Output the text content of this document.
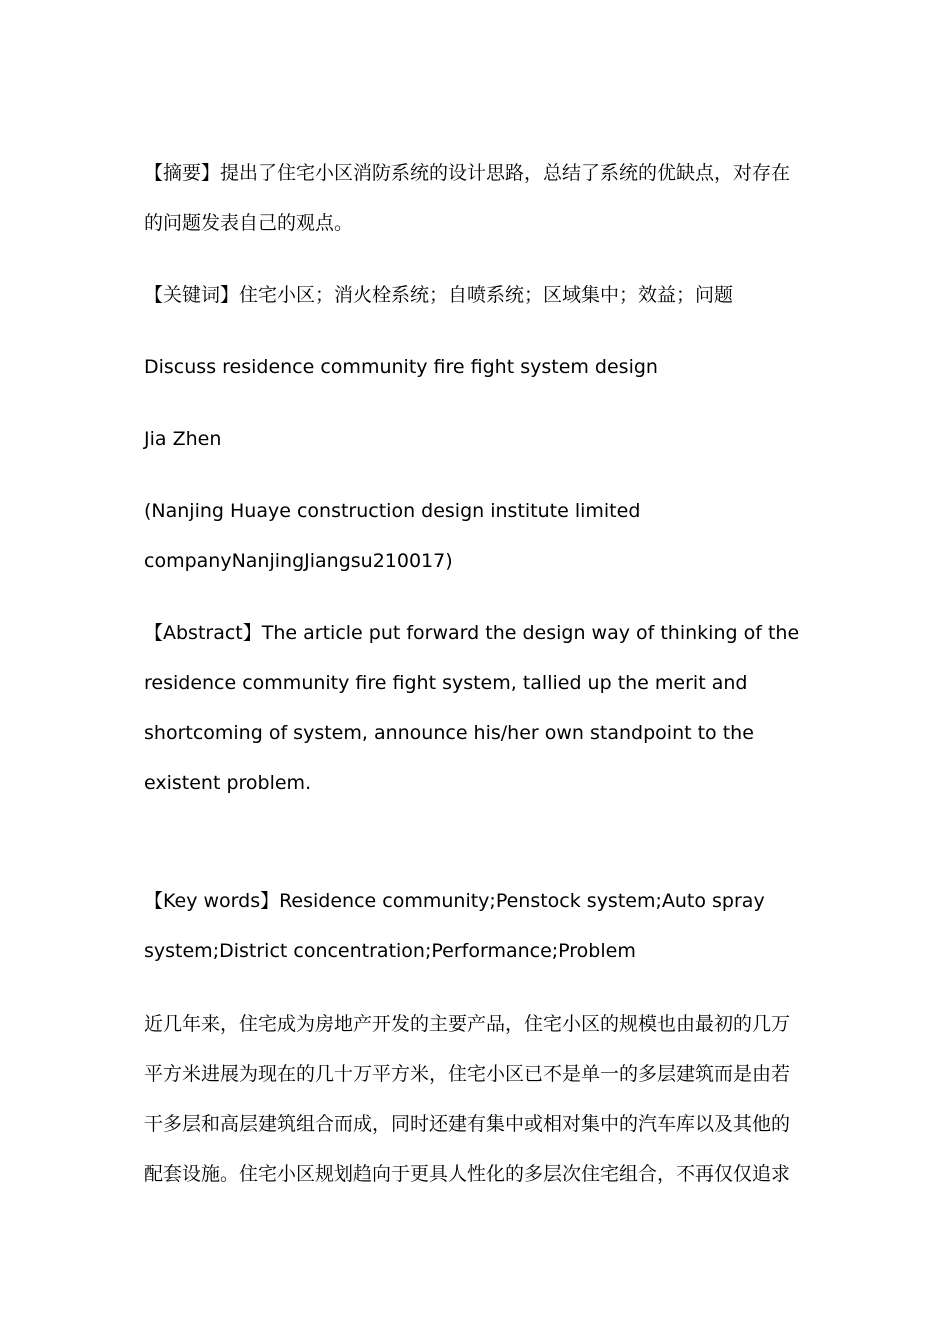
【摘要】提出了住宅小区消防系统的设计思路，总结了系统的优缺点，对存在
的问题发表自己的观点。
【关键词】住宅小区；消火栓系统；自喷系统；区域集中；效益；问题
Discuss residence community fire fight system design
Jia Zhen
(Nanjing Huaye construction design institute limited
companyNanjingJiangsu210017)
【Abstract】The article put forward the design way of thinking of the
residence community fire fight system, tallied up the merit and
shortcoming of system, announce his/her own standpoint to the
existent problem.
【Key words】Residence community;Penstock system;Auto spray
system;District concentration;Performance;Problem
近几年来，住宅成为房地产开发的主要产品，住宅小区的规模也由最初的几万
平方米进展为现在的几十万平方米，住宅小区已不是单一的多层建筑而是由若
干多层和高层建筑组合而成，同时还建有集中或相对集中的汽车库以及其他的
配套设施。住宅小区规划趋向于更具人性化的多层次住宅组合，不再仅仅追求
